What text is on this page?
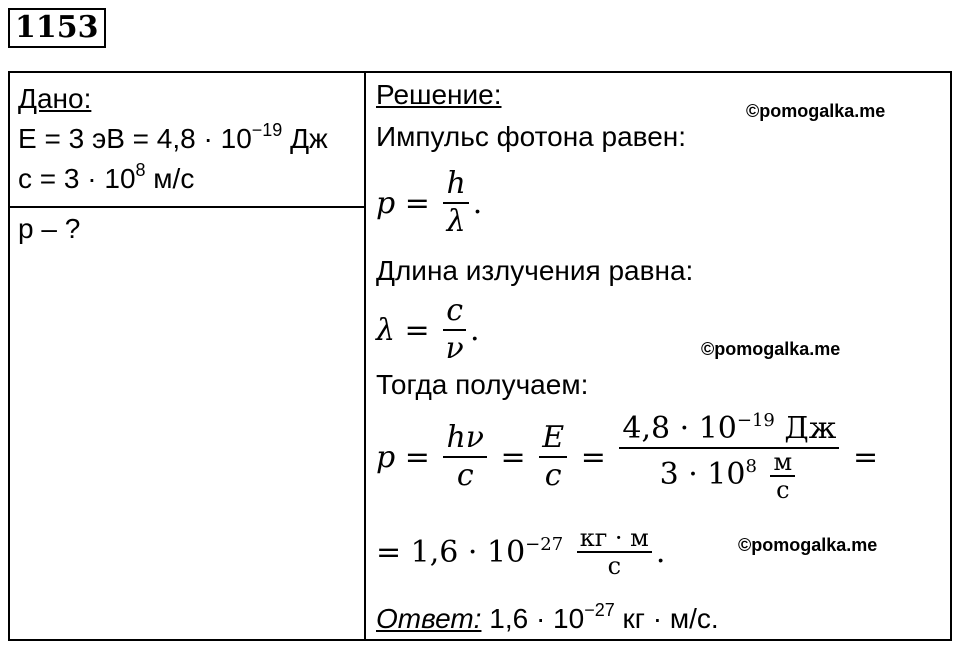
1153
Дано:
E = 3 эВ = $4,8 \cdot 10^{-19}$ Дж
$c = 3 \cdot 10^8$ м/с
p – ?
Решение:
Импульс фотона равен:
$p = \frac{h}{\lambda}$ .
Длина излучения равна:
$\lambda = \frac{c}{\nu}$ .
Тогда получаем:
$p = \frac{h\nu}{c} = \frac{E}{c} = \frac{4,8 \cdot 10^{-19} Дж}{3 \cdot 10^8 \frac{м}{с}}$ =
= $1,6 \cdot 10^{-27} \frac{кг \cdot м}{с}$ .
Ответ: $1,6 \cdot 10^{-27}$ кг · м/с.
©pomogalka.me
©pomogalka.me
©pomogalka.me
